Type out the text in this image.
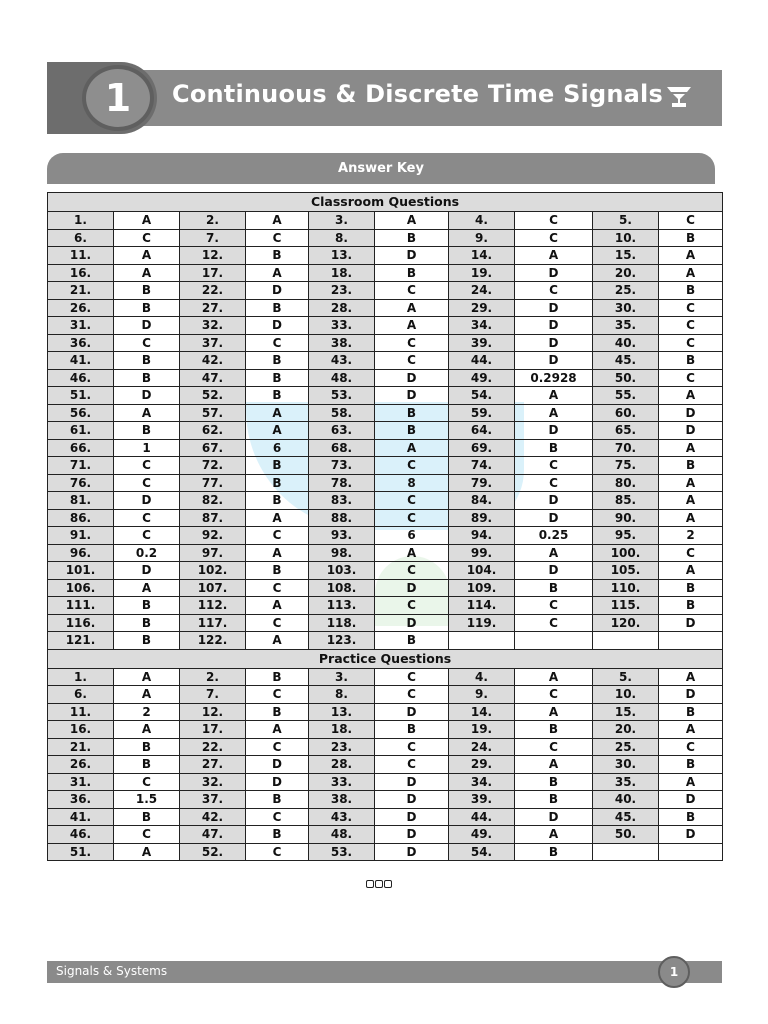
1	Continuous & Discrete Time Signals
Answer Key
Classroom Questions									
1.	A	2.	A	3.	A	4.	C	5.	C
6.	C	7.	C	8.	B	9.	C	10.	B
11.	A	12.	B	13.	D	14.	A	15.	A
16.	A	17.	A	18.	B	19.	D	20.	A
21.	B	22.	D	23.	C	24.	C	25.	B
26.	B	27.	B	28.	A	29.	D	30.	C
31.	D	32.	D	33.	A	34.	D	35.	C
36.	C	37.	C	38.	C	39.	D	40.	C
41.	B	42.	B	43.	C	44.	D	45.	B
46.	B	47.	B	48.	D	49.	0.2928	50.	C
51.	D	52.	B	53.	D	54.	A	55.	A
56.	A	57.	A	58.	B	59.	A	60.	D
61.	B	62.	A	63.	B	64.	D	65.	D
66.	1	67.	6	68.	A	69.	B	70.	A
71.	C	72.	B	73.	C	74.	C	75.	B
76.	C	77.	B	78.	8	79.	C	80.	A
81.	D	82.	B	83.	C	84.	D	85.	A
86.	C	87.	A	88.	C	89.	D	90.	A
91.	C	92.	C	93.	6	94.	0.25	95.	2
96.	0.2	97.	A	98.	A	99.	A	100.	C
101.	D	102.	B	103.	C	104.	D	105.	A
106.	A	107.	C	108.	D	109.	B	110.	B
111.	B	112.	A	113.	C	114.	C	115.	B
116.	B	117.	C	118.	D	119.	C	120.	D
121.	B	122.	A	123.	B				
Practice Questions									
1.	A	2.	B	3.	C	4.	A	5.	A
6.	A	7.	C	8.	C	9.	C	10.	D
11.	2	12.	B	13.	D	14.	A	15.	B
16.	A	17.	A	18.	B	19.	B	20.	A
21.	B	22.	C	23.	C	24.	C	25.	C
26.	B	27.	D	28.	C	29.	A	30.	B
31.	C	32.	D	33.	D	34.	B	35.	A
36.	1.5	37.	B	38.	D	39.	B	40.	D
41.	B	42.	C	43.	D	44.	D	45.	B
46.	C	47.	B	48.	D	49.	A	50.	D
51.	A	52.	C	53.	D	54.	B		
Signals & Systems	1
